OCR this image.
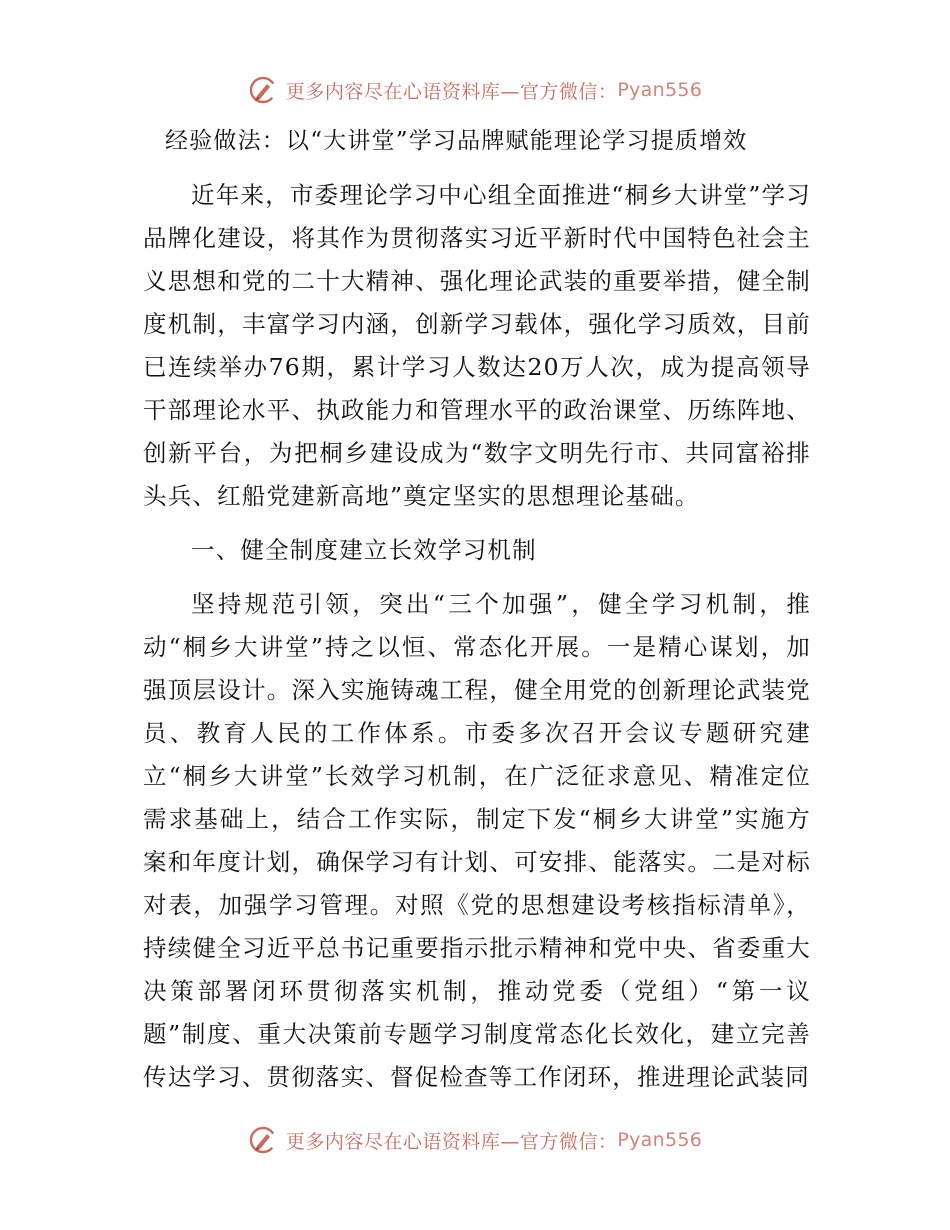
更多内容尽在心语资料库—官方微信： Pyan556
经验做法：以“大讲堂”学习品牌赋能理论学习提质增效

近年来，市委理论学习中心组全面推进“桐乡大讲堂”学习品牌化建设，将其作为贯彻落实习近平新时代中国特色社会主义思想和党的二十大精神、强化理论武装的重要举措，健全制度机制，丰富学习内涵，创新学习载体，强化学习质效，目前已连续举办76期，累计学习人数达20万人次，成为提高领导干部理论水平、执政能力和管理水平的政治课堂、历练阵地、创新平台，为把桐乡建设成为“数字文明先行市、共同富裕排头兵、红船党建新高地”奠定坚实的思想理论基础。

一、健全制度建立长效学习机制

坚持规范引领，突出“三个加强”，健全学习机制，推动“桐乡大讲堂”持之以恒、常态化开展。一是精心谋划，加强顶层设计。深入实施铸魂工程，健全用党的创新理论武装党员、教育人民的工作体系。市委多次召开会议专题研究建立“桐乡大讲堂”长效学习机制，在广泛征求意见、精准定位需求基础上，结合工作实际，制定下发“桐乡大讲堂”实施方案和年度计划，确保学习有计划、可安排、能落实。二是对标对表，加强学习管理。对照《党的思想建设考核指标清单》，持续健全习近平总书记重要指示批示精神和党中央、省委重大决策部署闭环贯彻落实机制，推动党委（党组）“第一议题”制度、重大决策前专题学习制度常态化长效化，建立完善传达学习、贯彻落实、督促检查等工作闭环，推进理论武装同

更多内容尽在心语资料库—官方微信： Pyan556
